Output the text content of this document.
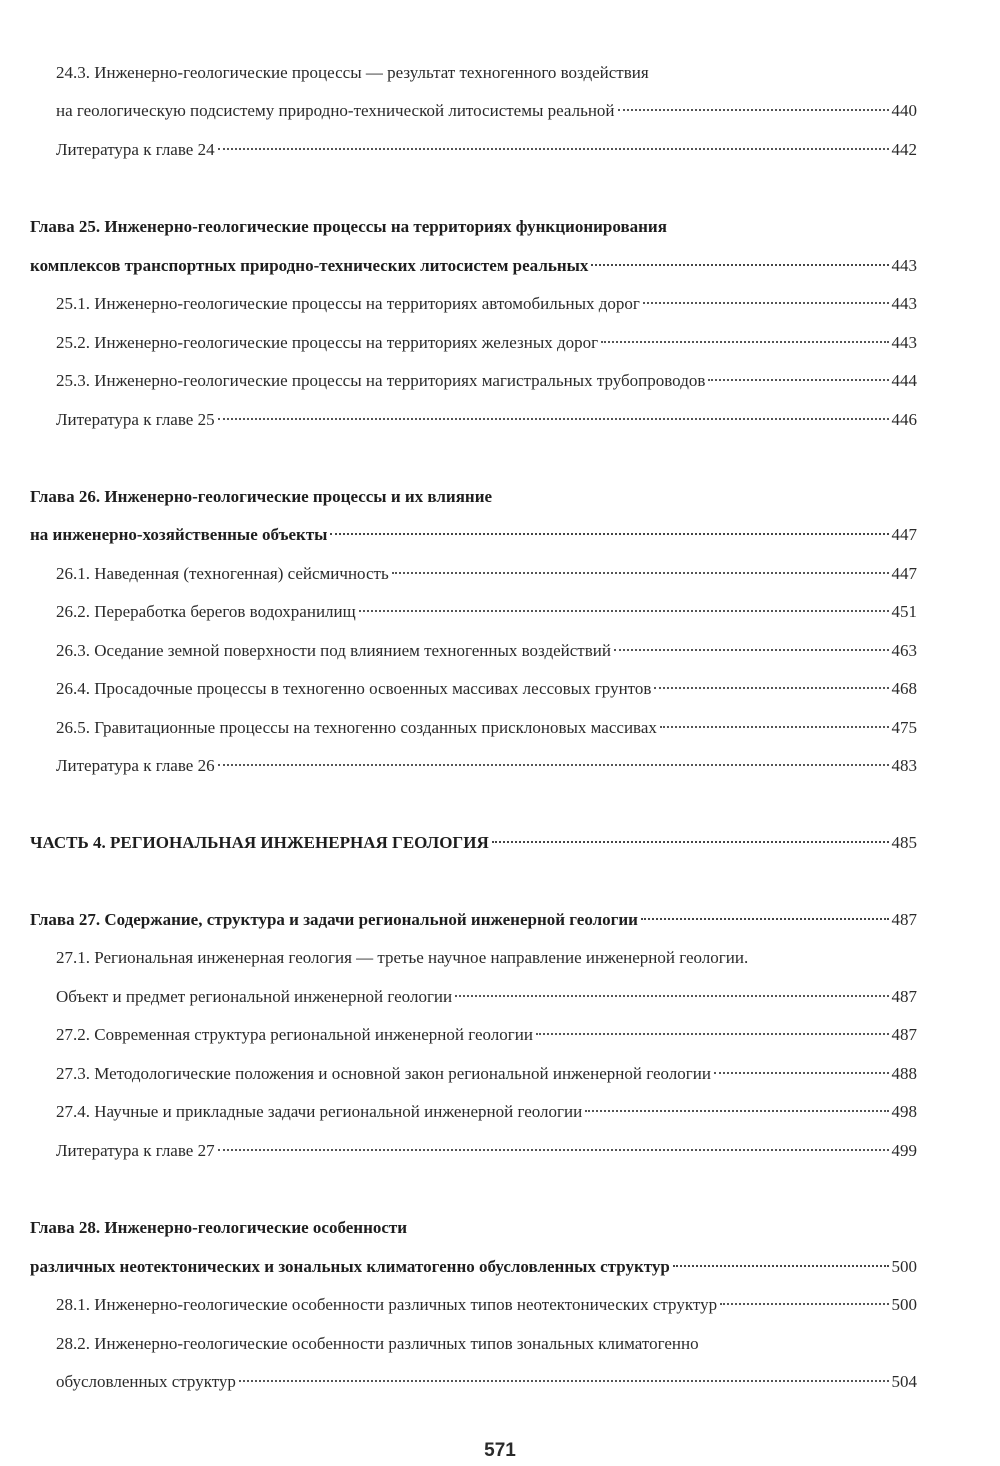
24.3. Инженерно-геологические процессы — результат техногенного воздействия
на геологическую подсистему природно-технической литосистемы реальной	440
Литература к главе 24	442
Глава 25. Инженерно-геологические процессы на территориях функционирования
комплексов транспортных природно-технических литосистем реальных	443
25.1. Инженерно-геологические процессы на территориях автомобильных дорог	443
25.2. Инженерно-геологические процессы на территориях железных дорог	443
25.3. Инженерно-геологические процессы на территориях магистральных трубопроводов	444
Литература к главе 25	446
Глава 26. Инженерно-геологические процессы и их влияние
на инженерно-хозяйственные объекты	447
26.1. Наведенная (техногенная) сейсмичность	447
26.2. Переработка берегов водохранилищ	451
26.3. Оседание земной поверхности под влиянием техногенных воздействий	463
26.4. Просадочные процессы в техногенно освоенных массивах лессовых грунтов	468
26.5. Гравитационные процессы на техногенно созданных присклоновых массивах	475
Литература к главе 26	483
ЧАСТЬ 4. РЕГИОНАЛЬНАЯ ИНЖЕНЕРНАЯ ГЕОЛОГИЯ	485
Глава 27. Содержание, структура и задачи региональной инженерной геологии	487
27.1. Региональная инженерная геология — третье научное направление инженерной геологии.
Объект и предмет региональной инженерной геологии	487
27.2. Современная структура региональной инженерной геологии	487
27.3. Методологические положения и основной закон региональной инженерной геологии	488
27.4. Научные и прикладные задачи региональной инженерной геологии	498
Литература к главе 27	499
Глава 28. Инженерно-геологические особенности
различных неотектонических и зональных климатогенно обусловленных структур	500
28.1. Инженерно-геологические особенности различных типов неотектонических структур	500
28.2. Инженерно-геологические особенности различных типов зональных климатогенно
обусловленных структур	504
571
